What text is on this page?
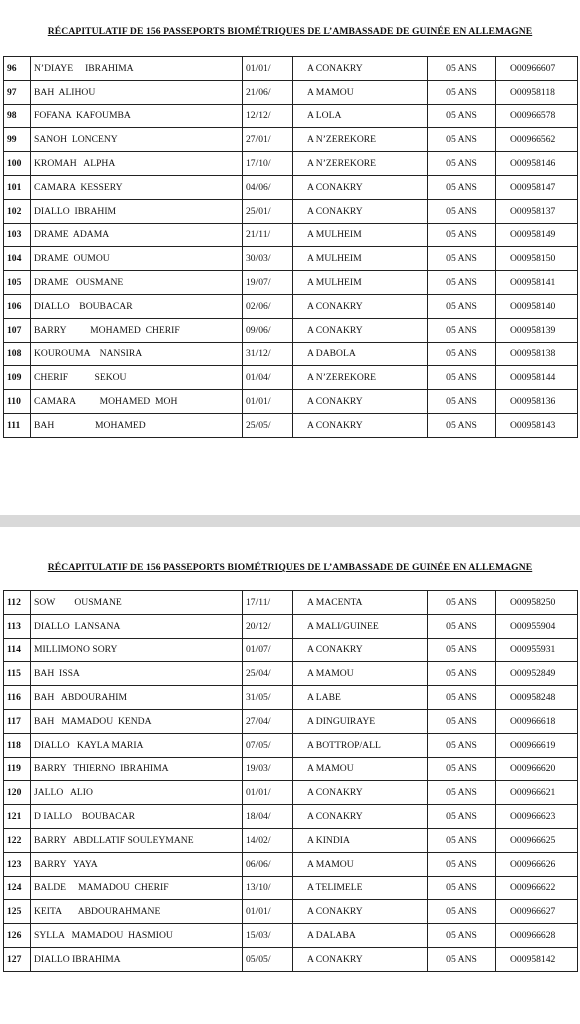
RÉCAPITULATIF DE 156 PASSEPORTS BIOMÉTRIQUES DE L’AMBASSADE DE GUINÉE EN ALLEMAGNE
96	N’DIAYE     IBRAHIMA	01/01/	A CONAKRY	05 ANS	O00966607
97	BAH  ALIHOU	21/06/	A MAMOU	05 ANS	O00958118
98	FOFANA  KAFOUMBA	12/12/	A LOLA	05 ANS	O00966578
99	SANOH  LONCENY	27/01/	A N’ZEREKORE	05 ANS	O00966562
100	KROMAH   ALPHA	17/10/	A N’ZEREKORE	05 ANS	O00958146
101	CAMARA  KESSERY	04/06/	A CONAKRY	05 ANS	O00958147
102	DIALLO  IBRAHIM	25/01/	A CONAKRY	05 ANS	O00958137
103	DRAME  ADAMA	21/11/	A MULHEIM	05 ANS	O00958149
104	DRAME  OUMOU	30/03/	A MULHEIM	05 ANS	O00958150
105	DRAME   OUSMANE	19/07/	A MULHEIM	05 ANS	O00958141
106	DIALLO    BOUBACAR	02/06/	A CONAKRY	05 ANS	O00958140
107	BARRY          MOHAMED  CHERIF	09/06/	A CONAKRY	05 ANS	O00958139
108	KOUROUMA    NANSIRA	31/12/	A DABOLA	05 ANS	O00958138
109	CHERIF           SEKOU	01/04/	A N’ZEREKORE	05 ANS	O00958144
110	CAMARA          MOHAMED  MOH	01/01/	A CONAKRY	05 ANS	O00958136
111	BAH                 MOHAMED	25/05/	A CONAKRY	05 ANS	O00958143
RÉCAPITULATIF DE 156 PASSEPORTS BIOMÉTRIQUES DE L’AMBASSADE DE GUINÉE EN ALLEMAGNE
112	SOW        OUSMANE	17/11/	A MACENTA	05 ANS	O00958250
113	DIALLO  LANSANA	20/12/	A MALI/GUINEE	05 ANS	O00955904
114	MILLIMONO SORY	01/07/	A CONAKRY	05 ANS	O00955931
115	BAH  ISSA	25/04/	A MAMOU	05 ANS	O00952849
116	BAH   ABDOURAHIM	31/05/	A LABE	05 ANS	O00958248
117	BAH   MAMADOU  KENDA	27/04/	A DINGUIRAYE	05 ANS	O00966618
118	DIALLO   KAYLA MARIA	07/05/	A BOTTROP/ALL	05 ANS	O00966619
119	BARRY   THIERNO  IBRAHIMA	19/03/	A MAMOU	05 ANS	O00966620
120	JALLO   ALIO	01/01/	A CONAKRY	05 ANS	O00966621
121	D IALLO    BOUBACAR	18/04/	A CONAKRY	05 ANS	O00966623
122	BARRY   ABDLLATIF SOULEYMANE	14/02/	A KINDIA	05 ANS	O00966625
123	BARRY   YAYA	06/06/	A MAMOU	05 ANS	O00966626
124	BALDE     MAMADOU  CHERIF	13/10/	A TELIMELE	05 ANS	O00966622
125	KEITA       ABDOURAHMANE	01/01/	A CONAKRY	05 ANS	O00966627
126	SYLLA   MAMADOU  HASMIOU	15/03/	A DALABA	05 ANS	O00966628
127	DIALLO IBRAHIMA	05/05/	A CONAKRY	05 ANS	O00958142
